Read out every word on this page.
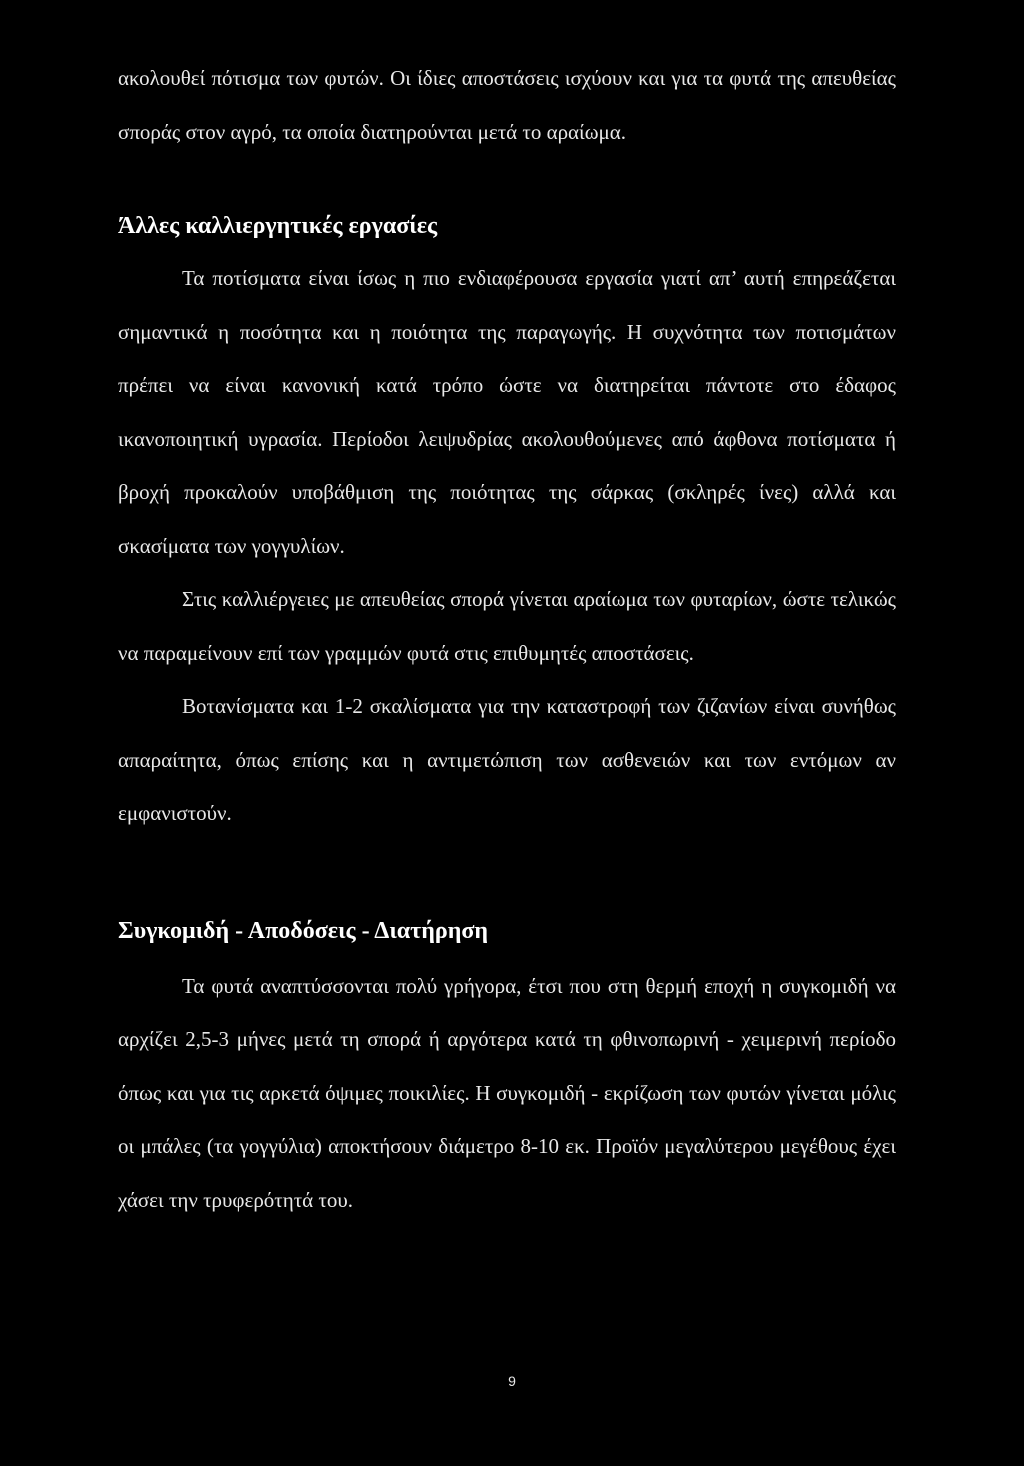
ακολουθεί πότισμα των φυτών. Οι ίδιες αποστάσεις ισχύουν και για τα φυτά της απευθείας σποράς στον αγρό, τα οποία διατηρούνται μετά το αραίωμα.

Άλλες καλλιεργητικές εργασίες

Τα ποτίσματα είναι ίσως η πιο ενδιαφέρουσα εργασία γιατί απ’ αυτή επηρεάζεται σημαντικά η ποσότητα και η ποιότητα της παραγωγής. Η συχνότητα των ποτισμάτων πρέπει να είναι κανονική κατά τρόπο ώστε να διατηρείται πάντοτε στο έδαφος ικανοποιητική υγρασία. Περίοδοι λειψυδρίας ακολουθούμενες από άφθονα ποτίσματα ή βροχή προκαλούν υποβάθμιση της ποιότητας της σάρκας (σκληρές ίνες) αλλά και σκασίματα των γογγυλίων.

Στις καλλιέργειες με απευθείας σπορά γίνεται αραίωμα των φυταρίων, ώστε τελικώς να παραμείνουν επί των γραμμών φυτά στις επιθυμητές αποστάσεις.

Βοτανίσματα και 1-2 σκαλίσματα για την καταστροφή των ζιζανίων είναι συνήθως απαραίτητα, όπως επίσης και η αντιμετώπιση των ασθενειών και των εντόμων αν εμφανιστούν.

Συγκομιδή - Αποδόσεις - Διατήρηση

Τα φυτά αναπτύσσονται πολύ γρήγορα, έτσι που στη θερμή εποχή η συγκομιδή να αρχίζει 2,5-3 μήνες μετά τη σπορά ή αργότερα κατά τη φθινοπωρινή - χειμερινή περίοδο όπως και για τις αρκετά όψιμες ποικιλίες. Η συγκομιδή - εκρίζωση των φυτών γίνεται μόλις οι μπάλες (τα γογγύλια) αποκτήσουν διάμετρο 8-10 εκ. Προϊόν μεγαλύτερου μεγέθους έχει χάσει την τρυφερότητά του.

9
